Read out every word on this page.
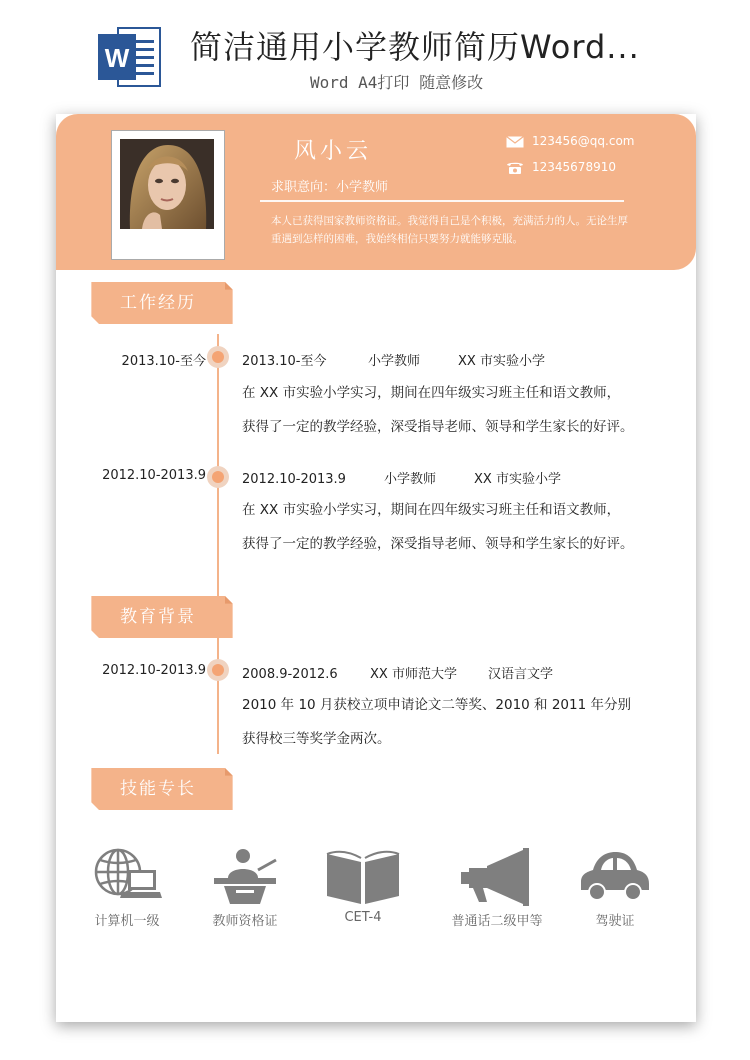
W 简洁通用小学教师简历Word...
Word A4打印 随意修改
风小云
求职意向：小学教师
123456@qq.com
12345678910
本人已获得国家教师资格证。我觉得自己是个积极，充满活力的人。无论生厚重遇到怎样的困难，我始终相信只要努力就能够克服。
工作经历
2013.10-至今	2013.10-至今	小学教师	XX 市实验小学
在 XX 市实验小学实习，期间在四年级实习班主任和语文教师，
获得了一定的教学经验，深受指导老师、领导和学生家长的好评。
2012.10-2013.9	2012.10-2013.9	小学教师	XX 市实验小学
在 XX 市实验小学实习，期间在四年级实习班主任和语文教师，
获得了一定的教学经验，深受指导老师、领导和学生家长的好评。
教育背景
2012.10-2013.9	2008.9-2012.6 XX 市师范大学 汉语言文学
2010 年 10 月获校立项申请论文二等奖、2010 和 2011 年分别
获得校三等奖学金两次。
技能专长
计算机一级	教师资格证	CET-4	普通话二级甲等	驾驶证
